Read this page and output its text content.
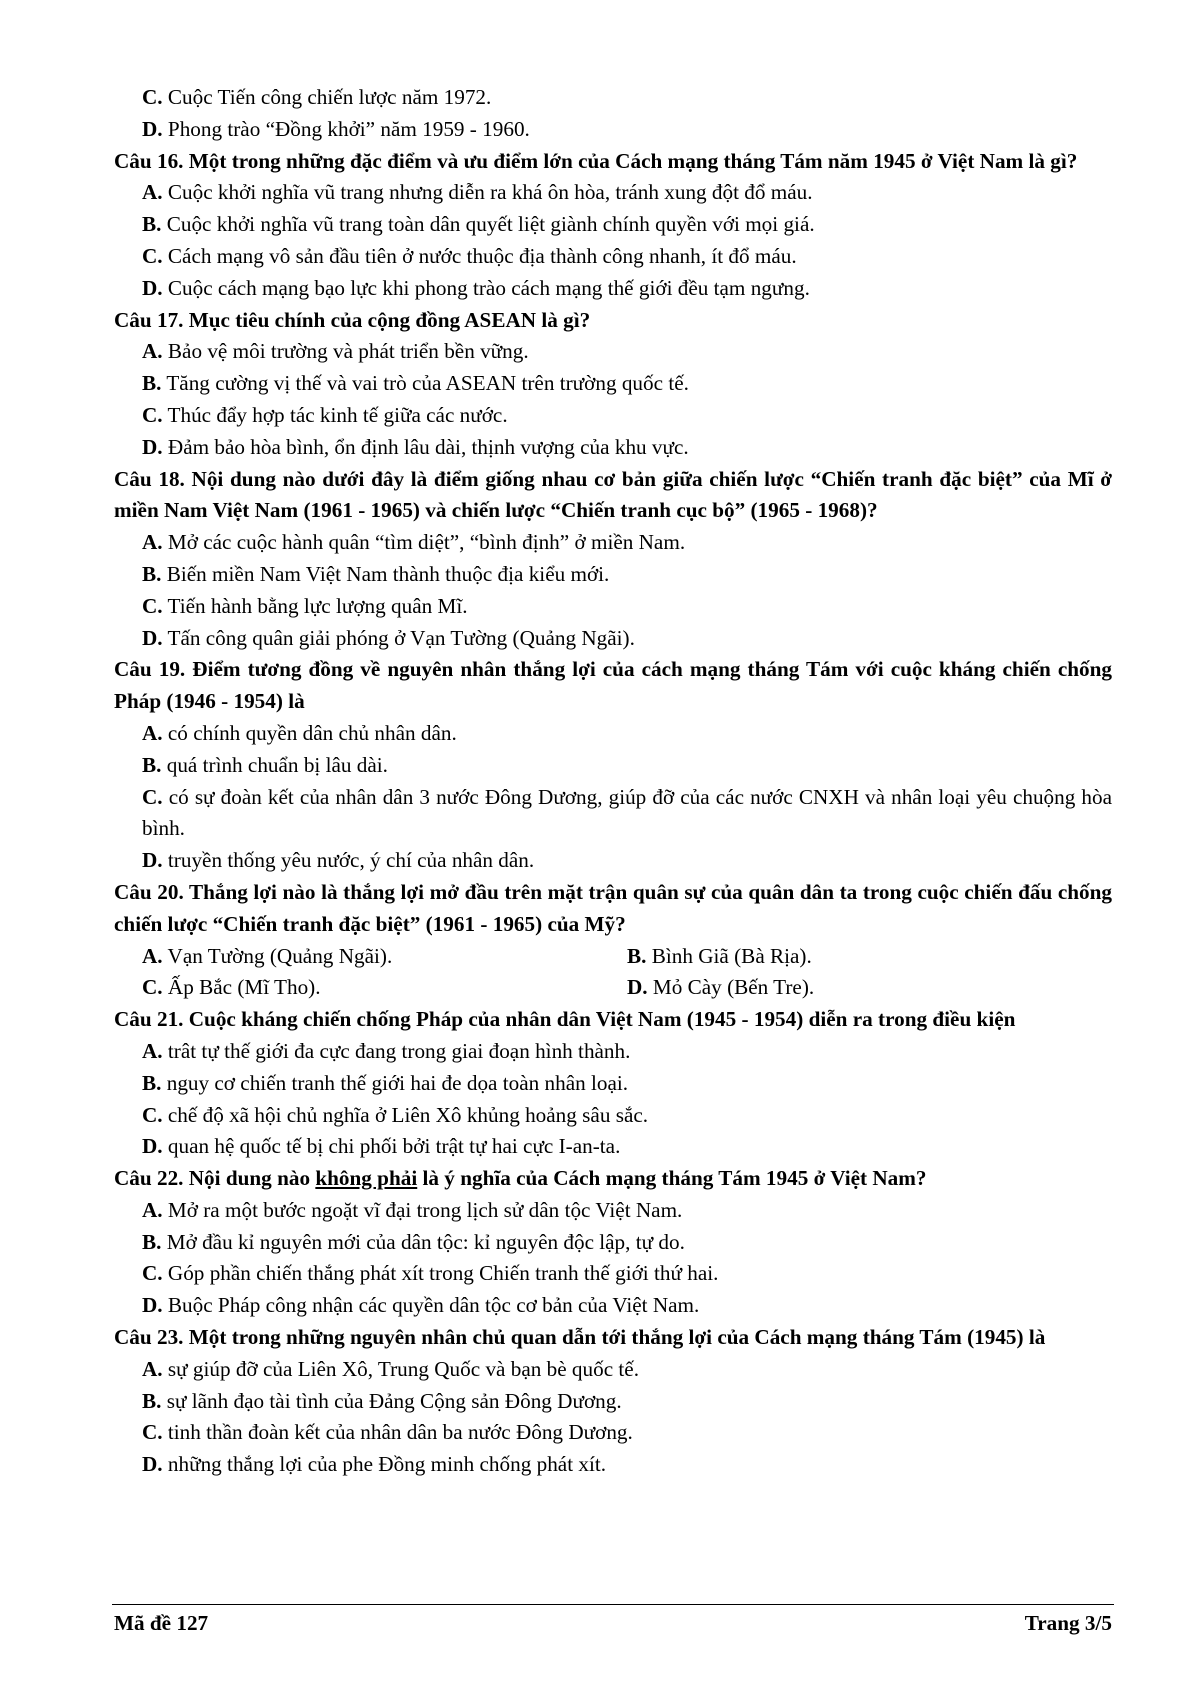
C. Cuộc Tiến công chiến lược năm 1972.
D. Phong trào “Đồng khởi” năm 1959 - 1960.
Câu 16. Một trong những đặc điểm và ưu điểm lớn của Cách mạng tháng Tám năm 1945 ở Việt Nam là gì?
A. Cuộc khởi nghĩa vũ trang nhưng diễn ra khá ôn hòa, tránh xung đột đổ máu.
B. Cuộc khởi nghĩa vũ trang toàn dân quyết liệt giành chính quyền với mọi giá.
C. Cách mạng vô sản đầu tiên ở nước thuộc địa thành công nhanh, ít đổ máu.
D. Cuộc cách mạng bạo lực khi phong trào cách mạng thế giới đều tạm ngưng.
Câu 17. Mục tiêu chính của cộng đồng ASEAN là gì?
A. Bảo vệ môi trường và phát triển bền vững.
B. Tăng cường vị thế và vai trò của ASEAN trên trường quốc tế.
C. Thúc đẩy hợp tác kinh tế giữa các nước.
D. Đảm bảo hòa bình, ổn định lâu dài, thịnh vượng của khu vực.
Câu 18. Nội dung nào dưới đây là điểm giống nhau cơ bản giữa chiến lược “Chiến tranh đặc biệt” của Mĩ ở miền Nam Việt Nam (1961 - 1965) và chiến lược “Chiến tranh cục bộ” (1965 - 1968)?
A. Mở các cuộc hành quân “tìm diệt”, “bình định” ở miền Nam.
B. Biến miền Nam Việt Nam thành thuộc địa kiểu mới.
C. Tiến hành bằng lực lượng quân Mĩ.
D. Tấn công quân giải phóng ở Vạn Tường (Quảng Ngãi).
Câu 19. Điểm tương đồng về nguyên nhân thắng lợi của cách mạng tháng Tám với cuộc kháng chiến chống Pháp (1946 - 1954) là
A. có chính quyền dân chủ nhân dân.
B. quá trình chuẩn bị lâu dài.
C. có sự đoàn kết của nhân dân 3 nước Đông Dương, giúp đỡ của các nước CNXH và nhân loại yêu chuộng hòa bình.
D. truyền thống yêu nước, ý chí của nhân dân.
Câu 20. Thắng lợi nào là thắng lợi mở đầu trên mặt trận quân sự của quân dân ta trong cuộc chiến đấu chống chiến lược “Chiến tranh đặc biệt” (1961 - 1965) của Mỹ?
A. Vạn Tường (Quảng Ngãi).	B. Bình Giã (Bà Rịa).
C. Ấp Bắc (Mĩ Tho).	D. Mỏ Cày (Bến Tre).
Câu 21. Cuộc kháng chiến chống Pháp của nhân dân Việt Nam (1945 - 1954) diễn ra trong điều kiện
A. trât tự thế giới đa cực đang trong giai đoạn hình thành.
B. nguy cơ chiến tranh thế giới hai đe dọa toàn nhân loại.
C. chế độ xã hội chủ nghĩa ở Liên Xô khủng hoảng sâu sắc.
D. quan hệ quốc tế bị chi phối bởi trật tự hai cực I-an-ta.
Câu 22. Nội dung nào không phải là ý nghĩa của Cách mạng tháng Tám 1945 ở Việt Nam?
A. Mở ra một bước ngoặt vĩ đại trong lịch sử dân tộc Việt Nam.
B. Mở đầu kỉ nguyên mới của dân tộc: kỉ nguyên độc lập, tự do.
C. Góp phần chiến thắng phát xít trong Chiến tranh thế giới thứ hai.
D. Buộc Pháp công nhận các quyền dân tộc cơ bản của Việt Nam.
Câu 23. Một trong những nguyên nhân chủ quan dẫn tới thắng lợi của Cách mạng tháng Tám (1945) là
A. sự giúp đỡ của Liên Xô, Trung Quốc và bạn bè quốc tế.
B. sự lãnh đạo tài tình của Đảng Cộng sản Đông Dương.
C. tinh thần đoàn kết của nhân dân ba nước Đông Dương.
D. những thắng lợi của phe Đồng minh chống phát xít.
Mã đề 127	Trang 3/5
